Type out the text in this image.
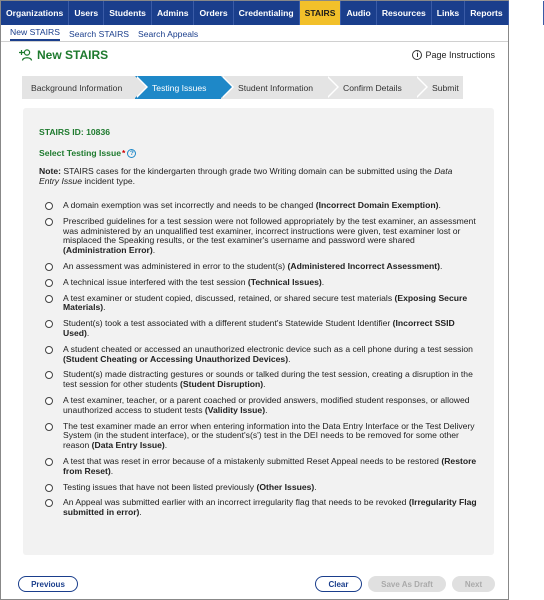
Organizations	Users	Students	Admins	Orders	Credentialing	STAIRS	Audio	Resources	Links	Reports	CARS
New STAIRS Search STAIRS Search Appeals
New STAIRS	i Page Instructions
Background Information	Testing Issues	Student Information	Confirm Details	Submit
STAIRS ID: 10836
Select Testing Issue * ?
Note: STAIRS cases for the kindergarten through grade two Writing domain can be submitted using the Data Entry Issue incident type.
A domain exemption was set incorrectly and needs to be changed (Incorrect Domain Exemption).
Prescribed guidelines for a test session were not followed appropriately by the test examiner, an assessment was administered by an unqualified test examiner, incorrect instructions were given, test examiner lost or misplaced the Speaking results, or the test examiner's username and password were shared (Administration Error).
An assessment was administered in error to the student(s) (Administered Incorrect Assessment).
A technical issue interfered with the test session (Technical Issues).
A test examiner or student copied, discussed, retained, or shared secure test materials (Exposing Secure Materials).
Student(s) took a test associated with a different student's Statewide Student Identifier (Incorrect SSID Used).
A student cheated or accessed an unauthorized electronic device such as a cell phone during a test session (Student Cheating or Accessing Unauthorized Devices).
Student(s) made distracting gestures or sounds or talked during the test session, creating a disruption in the test session for other students (Student Disruption).
A test examiner, teacher, or a parent coached or provided answers, modified student responses, or allowed unauthorized access to student tests (Validity Issue).
The test examiner made an error when entering information into the Data Entry Interface or the Test Delivery System (in the student interface), or the student's(s') test in the DEI needs to be removed for some other reason (Data Entry Issue).
A test that was reset in error because of a mistakenly submitted Reset Appeal needs to be restored (Restore from Reset).
Testing issues that have not been listed previously (Other Issues).
An Appeal was submitted earlier with an incorrect irregularity flag that needs to be revoked (Irregularity Flag submitted in error).
Previous	Clear	Save As Draft	Next
